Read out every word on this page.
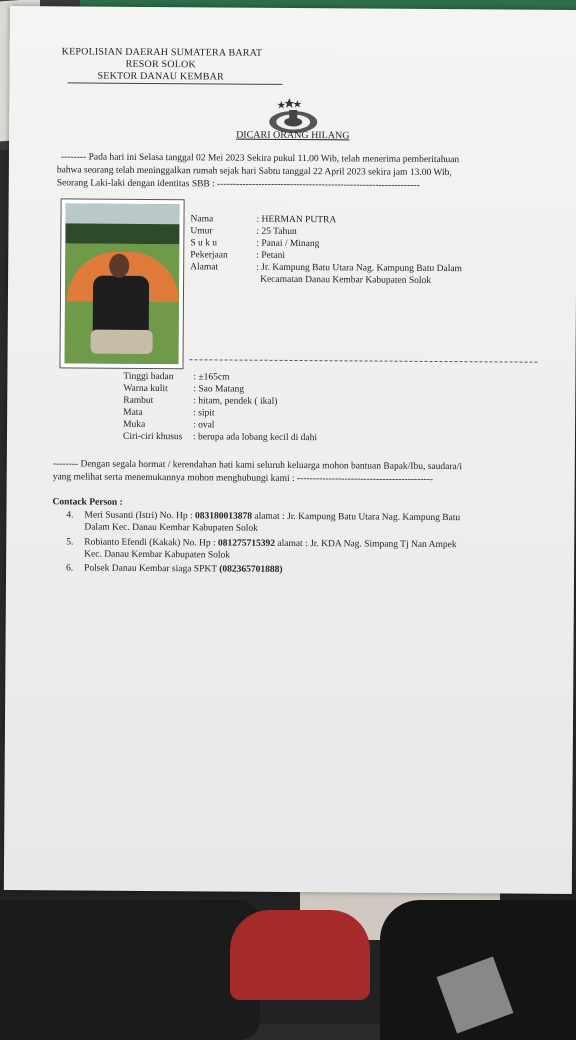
KEPOLISIAN DAERAH SUMATERA BARAT
RESOR SOLOK
SEKTOR DANAU KEMBAR
DICARI ORANG HILANG
-------- Pada hari ini Selasa tanggal 02 Mei 2023 Sekira pukul 11.00 Wib, telah menerima pemberitahuan
bahwa seorang telah meninggalkan rumah sejak hari Sabtu tanggal 22 April 2023 sekira jam 13.00 Wib,
Seorang Laki-laki dengan identitas SBB : ----------------------------------------------------------------
Nama	: HERMAN PUTRA
Umur	: 25 Tahun
S u k u	: Panai / Minang
Pekerjaan	: Petani
Alamat	: Jr. Kampung Batu Utara Nag. Kampung Batu Dalam
Kecamatan Danau Kembar Kabupaten Solok
Tinggi badan : ±165cm
Warna kulit	: Sao Matang
Rambut	: hitam, pendek ( ikal)
Mata	: sipit
Muka	: oval
Ciri-ciri khusus : berupa ada lobang kecil di dahi
-------- Dengan segala hormat / kerendahan hati kami seluruh keluarga mohon bantuan Bapak/Ibu, saudara/i
yang melihat serta menemukannya mohon menghubungi kami : -------------------------------------------
Contack Person :
4. Meri Susanti (Istri) No. Hp : 083180013878 alamat : Jr. Kampung Batu Utara Nag. Kampung Batu
Dalam Kec. Danau Kembar Kabupaten Solok
5. Robianto Efendi (Kakak) No. Hp : 081275715392 alamat : Jr. KDA Nag. Simpang Tj Nan Ampek
Kec. Danau Kembar Kabupaten Solok
6. Polsek Danau Kembar siaga SPKT (082365701888)
